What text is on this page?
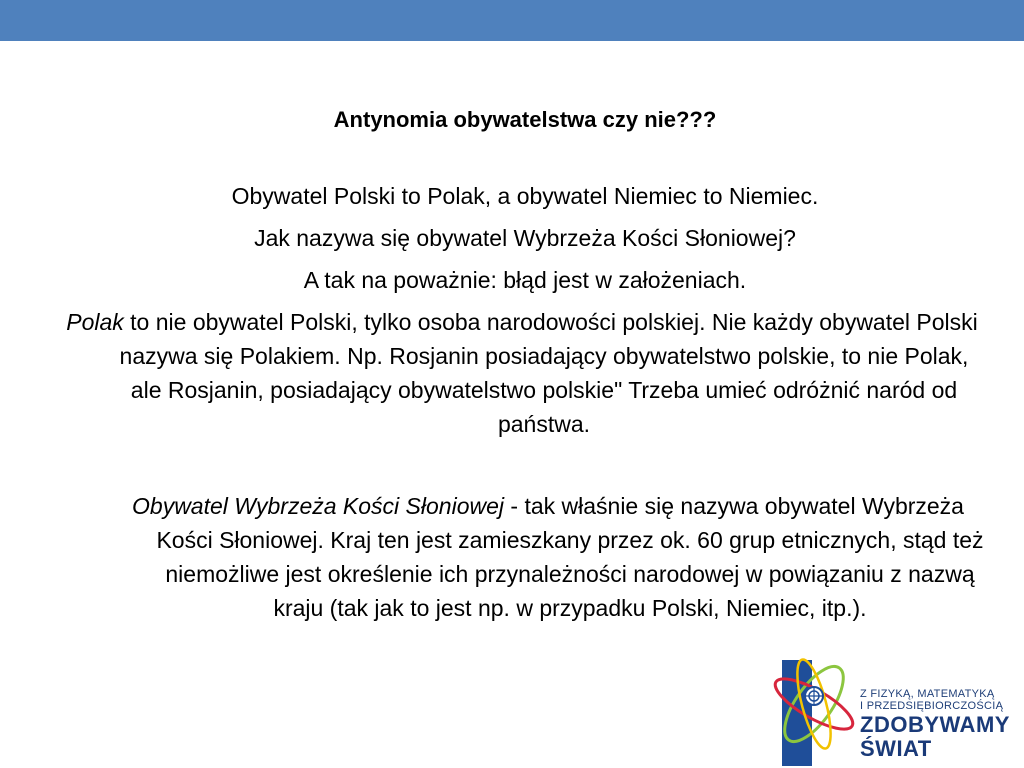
Antynomia obywatelstwa czy nie???
Obywatel Polski to Polak, a obywatel Niemiec to Niemiec.
Jak nazywa się obywatel Wybrzeża Kości Słoniowej?
A tak na poważnie: błąd jest w założeniach.
Polak to nie obywatel Polski, tylko osoba narodowości polskiej. Nie każdy obywatel Polski nazywa się Polakiem. Np. Rosjanin posiadający obywatelstwo polskie, to nie Polak, ale Rosjanin, posiadający obywatelstwo polskie" Trzeba umieć odróżnić naród od państwa.
Obywatel Wybrzeża Kości Słoniowej - tak właśnie się nazywa obywatel Wybrzeża Kości Słoniowej. Kraj ten jest zamieszkany przez ok. 60 grup etnicznych, stąd też niemożliwe jest określenie ich przynależności narodowej w powiązaniu z nazwą kraju (tak jak to jest np. w przypadku Polski, Niemiec, itp.).
Z FIZYKĄ, MATEMATYKĄ
I PRZEDSIĘBIORCZOŚCIĄ
ZDOBYWAMY
ŚWIAT
